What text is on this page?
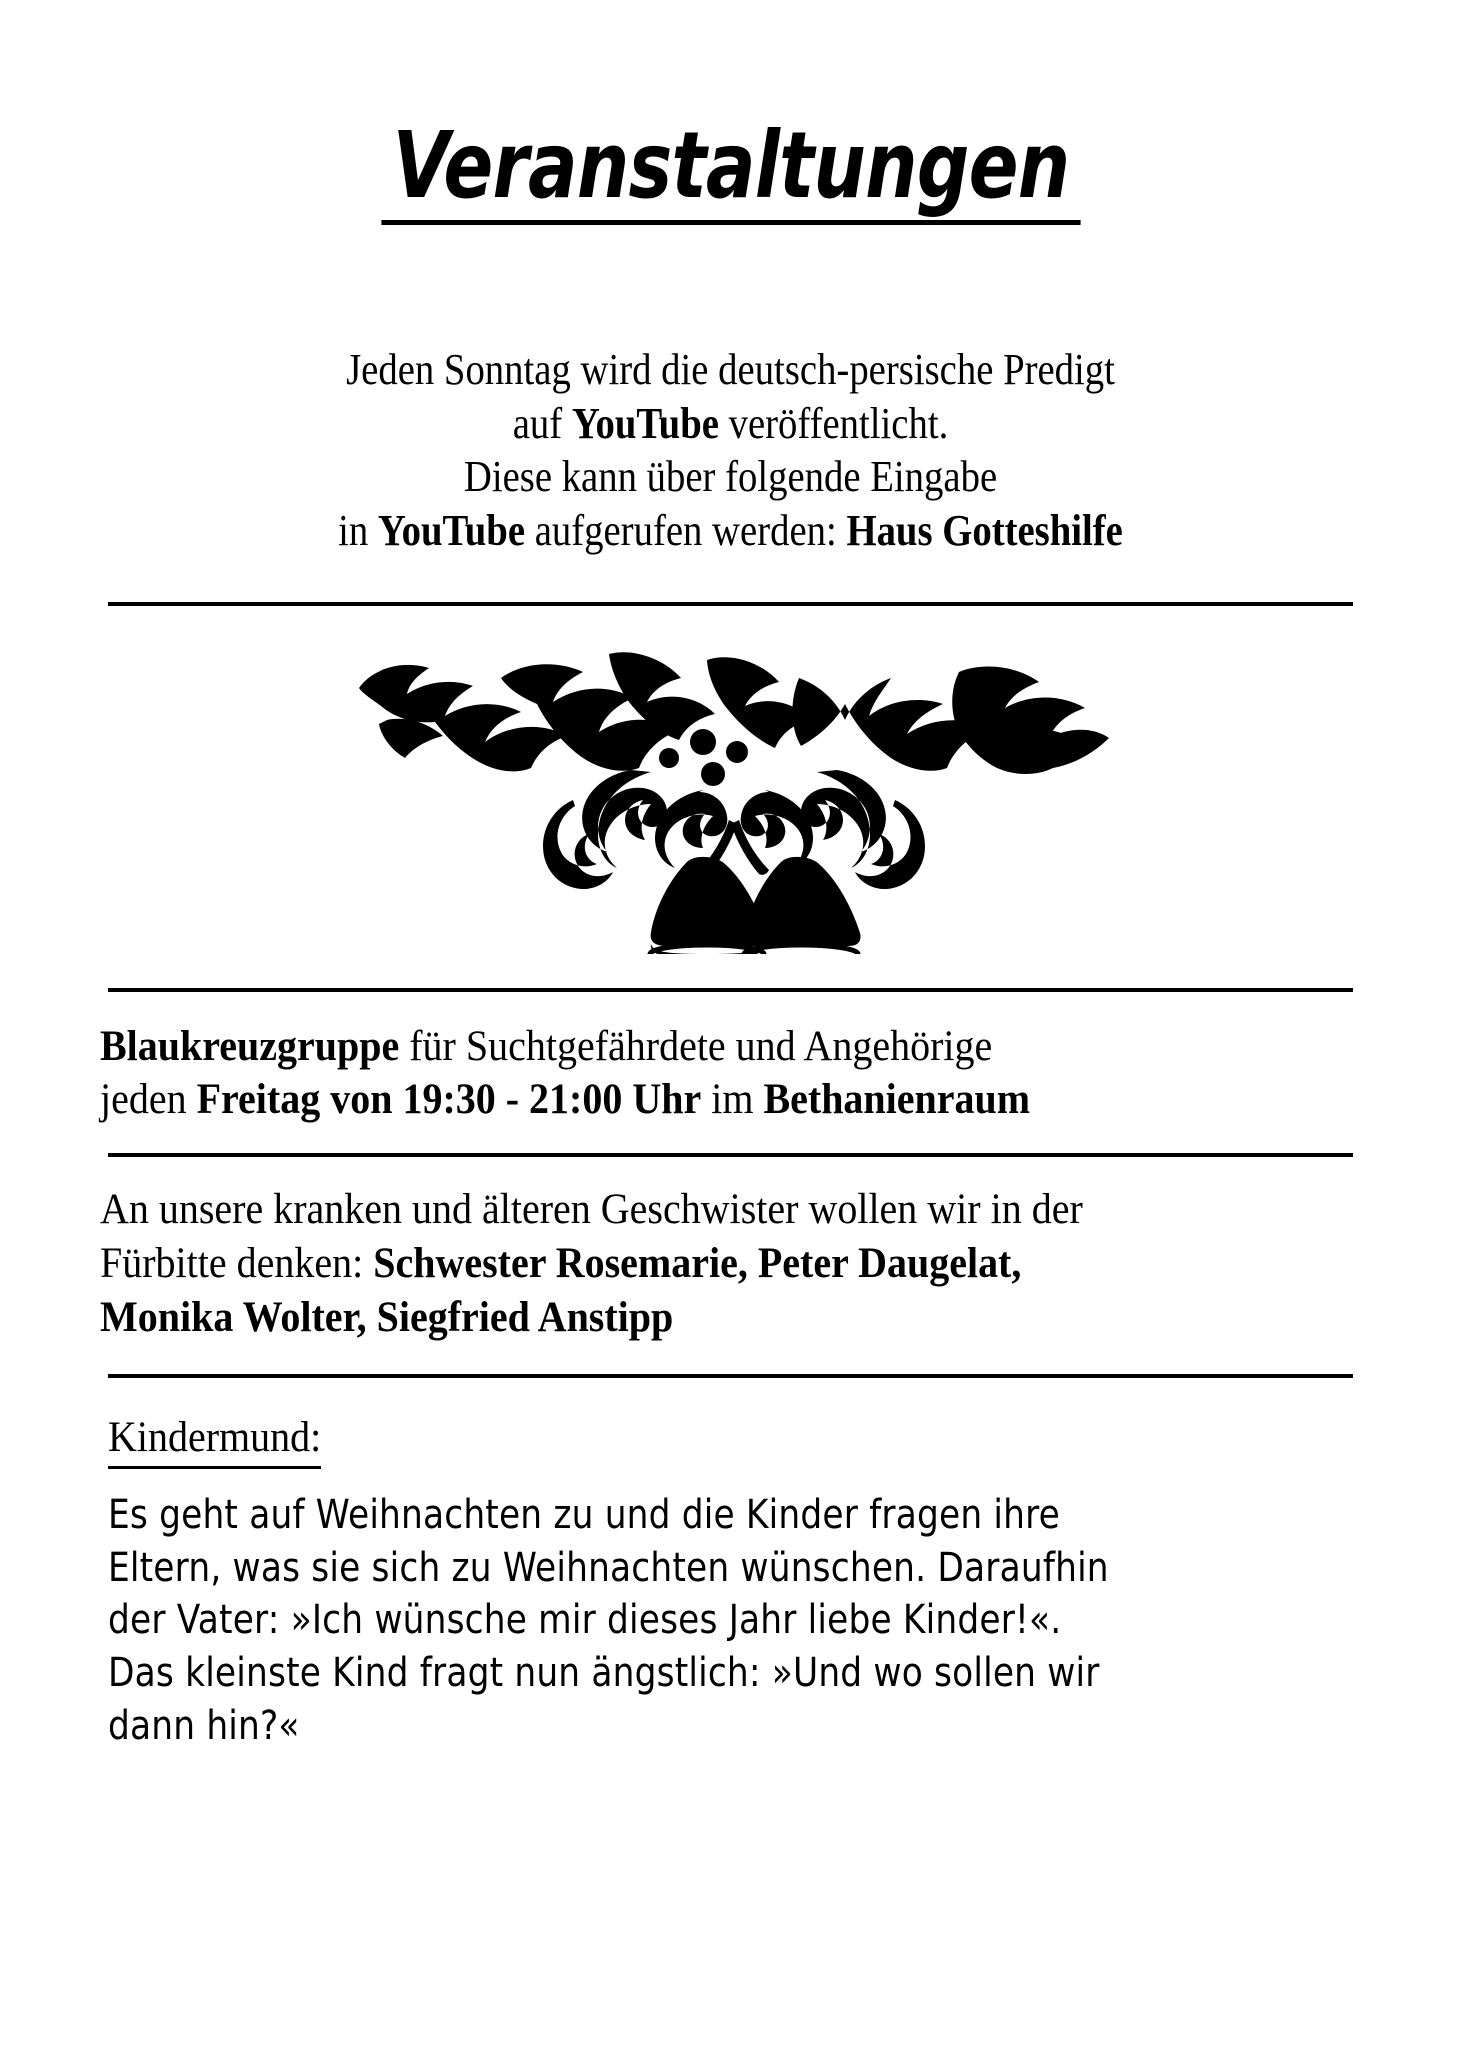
Veranstaltungen
Jeden Sonntag wird die deutsch-persische Predigt
auf YouTube veröffentlicht.
Diese kann über folgende Eingabe
in YouTube aufgerufen werden: Haus Gotteshilfe
Blaukreuzgruppe für Suchtgefährdete und Angehörige
jeden Freitag von 19:30 - 21:00 Uhr im Bethanienraum
An unsere kranken und älteren Geschwister wollen wir in der
Fürbitte denken: Schwester Rosemarie, Peter Daugelat,
Monika Wolter, Siegfried Anstipp
Kindermund:
Es geht auf Weihnachten zu und die Kinder fragen ihre
Eltern, was sie sich zu Weihnachten wünschen. Daraufhin
der Vater: »Ich wünsche mir dieses Jahr liebe Kinder!«.
Das kleinste Kind fragt nun ängstlich: »Und wo sollen wir
dann hin?«
